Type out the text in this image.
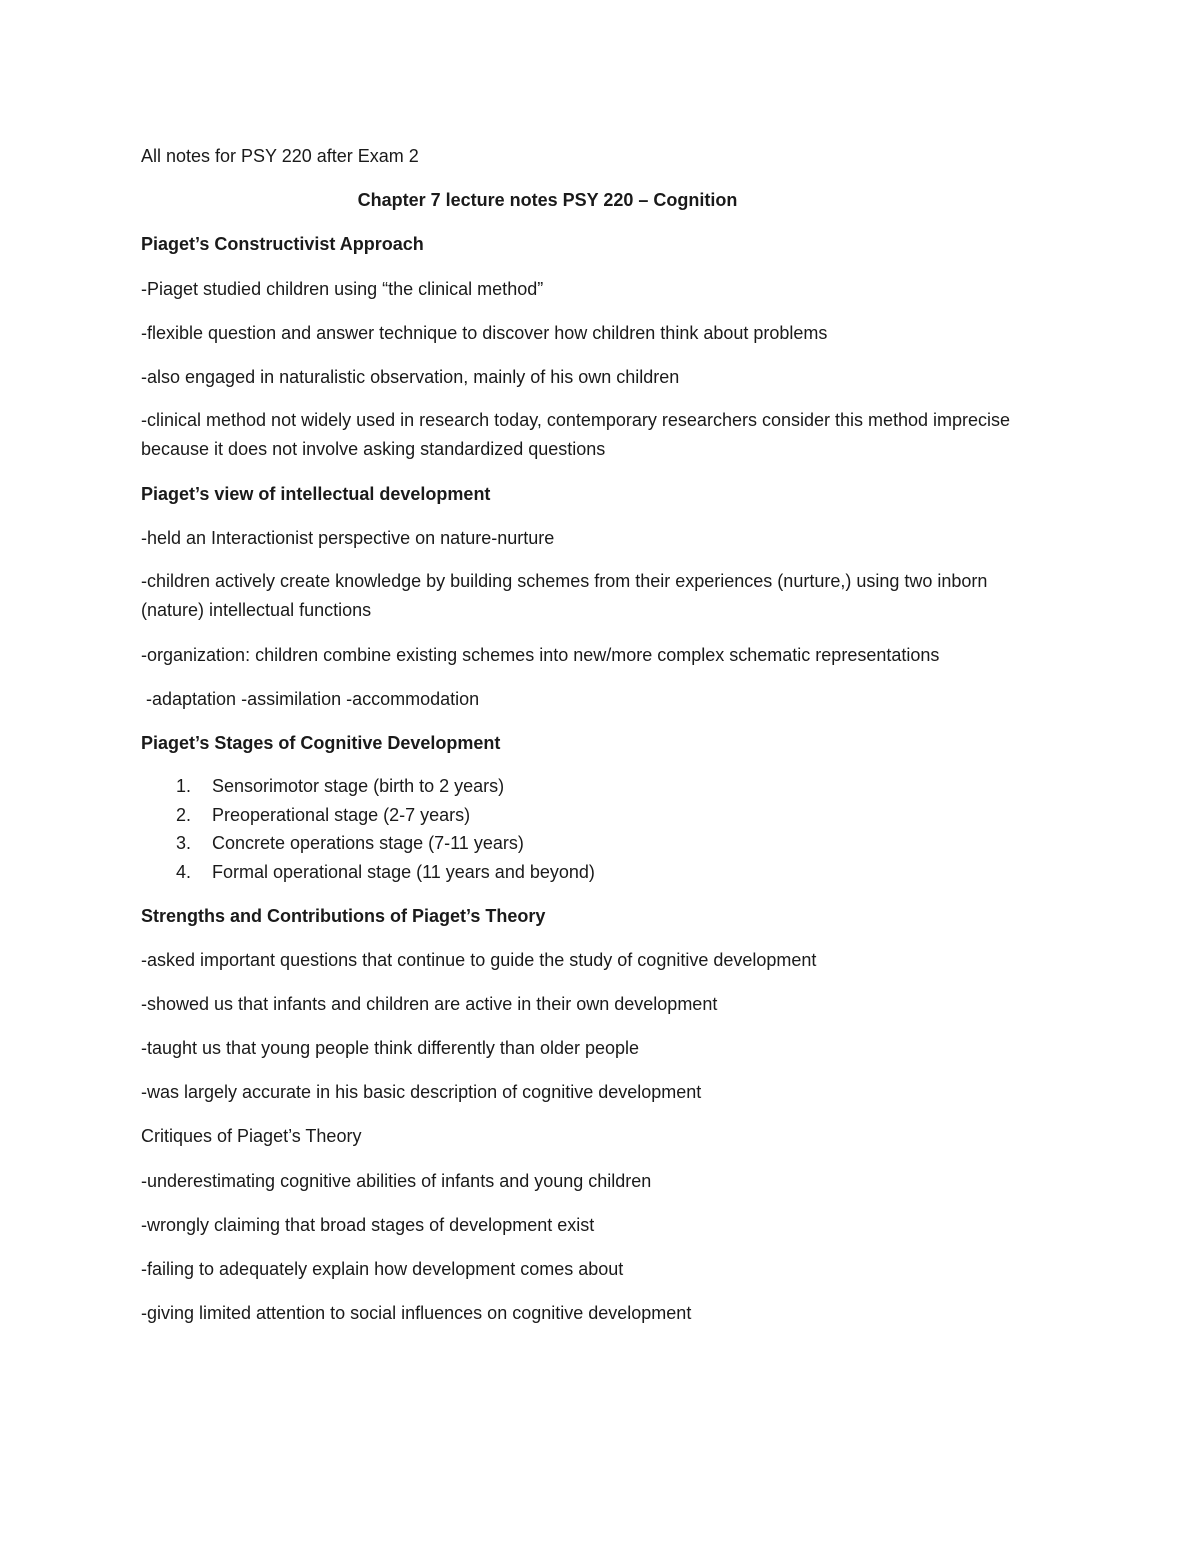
All notes for PSY 220 after Exam 2
Chapter 7 lecture notes PSY 220 – Cognition
Piaget’s Constructivist Approach
-Piaget studied children using “the clinical method”
-flexible question and answer technique to discover how children think about problems
-also engaged in naturalistic observation, mainly of his own children
-clinical method not widely used in research today, contemporary researchers consider this method imprecise because it does not involve asking standardized questions
Piaget’s view of intellectual development
-held an Interactionist perspective on nature-nurture
-children actively create knowledge by building schemes from their experiences (nurture,) using two inborn (nature) intellectual functions
-organization: children combine existing schemes into new/more complex schematic representations
-adaptation -assimilation -accommodation
Piaget’s Stages of Cognitive Development
1. Sensorimotor stage (birth to 2 years)
2. Preoperational stage (2-7 years)
3. Concrete operations stage (7-11 years)
4. Formal operational stage (11 years and beyond)
Strengths and Contributions of Piaget’s Theory
-asked important questions that continue to guide the study of cognitive development
-showed us that infants and children are active in their own development
-taught us that young people think differently than older people
-was largely accurate in his basic description of cognitive development
Critiques of Piaget’s Theory
-underestimating cognitive abilities of infants and young children
-wrongly claiming that broad stages of development exist
-failing to adequately explain how development comes about
-giving limited attention to social influences on cognitive development
